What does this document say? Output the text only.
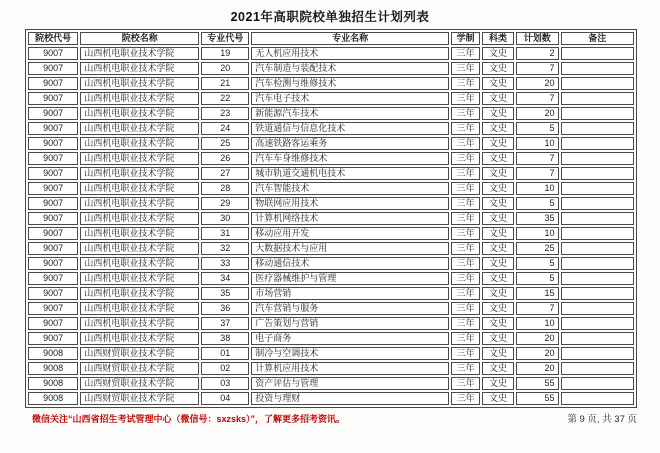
2021年高职院校单独招生计划列表
院校代号	院校名称	专业代号	专业名称	学制	科类	计划数	备注
9007	山西机电职业技术学院	19	无人机应用技术	三年	文史	2	
9007	山西机电职业技术学院	20	汽车制造与装配技术	三年	文史	7	
9007	山西机电职业技术学院	21	汽车检测与维修技术	三年	文史	20	
9007	山西机电职业技术学院	22	汽车电子技术	三年	文史	7	
9007	山西机电职业技术学院	23	新能源汽车技术	三年	文史	20	
9007	山西机电职业技术学院	24	铁道通信与信息化技术	三年	文史	5	
9007	山西机电职业技术学院	25	高速铁路客运乘务	三年	文史	10	
9007	山西机电职业技术学院	26	汽车车身维修技术	三年	文史	7	
9007	山西机电职业技术学院	27	城市轨道交通机电技术	三年	文史	7	
9007	山西机电职业技术学院	28	汽车智能技术	三年	文史	10	
9007	山西机电职业技术学院	29	物联网应用技术	三年	文史	5	
9007	山西机电职业技术学院	30	计算机网络技术	三年	文史	35	
9007	山西机电职业技术学院	31	移动应用开发	三年	文史	10	
9007	山西机电职业技术学院	32	大数据技术与应用	三年	文史	25	
9007	山西机电职业技术学院	33	移动通信技术	三年	文史	5	
9007	山西机电职业技术学院	34	医疗器械维护与管理	三年	文史	5	
9007	山西机电职业技术学院	35	市场营销	三年	文史	15	
9007	山西机电职业技术学院	36	汽车营销与服务	三年	文史	7	
9007	山西机电职业技术学院	37	广告策划与营销	三年	文史	10	
9007	山西机电职业技术学院	38	电子商务	三年	文史	20	
9008	山西财贸职业技术学院	01	制冷与空调技术	三年	文史	20	
9008	山西财贸职业技术学院	02	计算机应用技术	三年	文史	20	
9008	山西财贸职业技术学院	03	资产评估与管理	三年	文史	55	
9008	山西财贸职业技术学院	04	投资与理财	三年	文史	55	
微信关注“山西省招生考试管理中心（微信号：sxzsks）”，了解更多招考资讯。	第 9 页, 共 37 页
